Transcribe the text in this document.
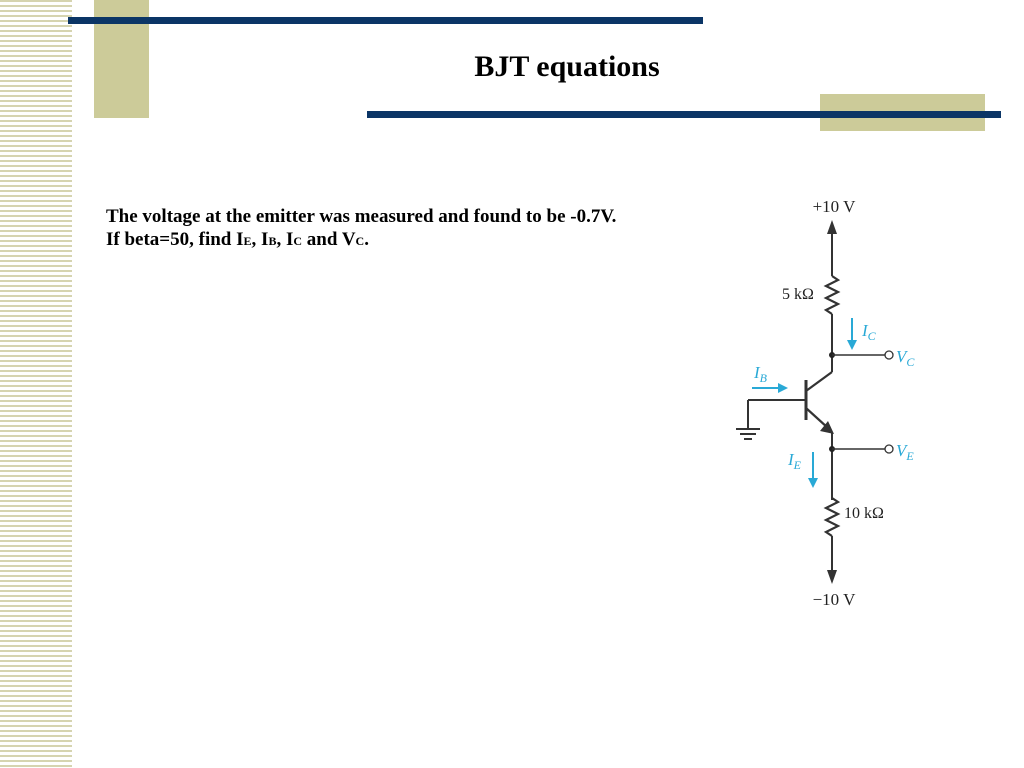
BJT equations
The voltage at the emitter was measured and found to be -0.7V.
If beta=50, find IE, IB, IC and VC.
+10 V
5 kΩ
$I_C$
$V_C$
$I_B$
$V_E$
$I_E$
10 kΩ
−10 V
